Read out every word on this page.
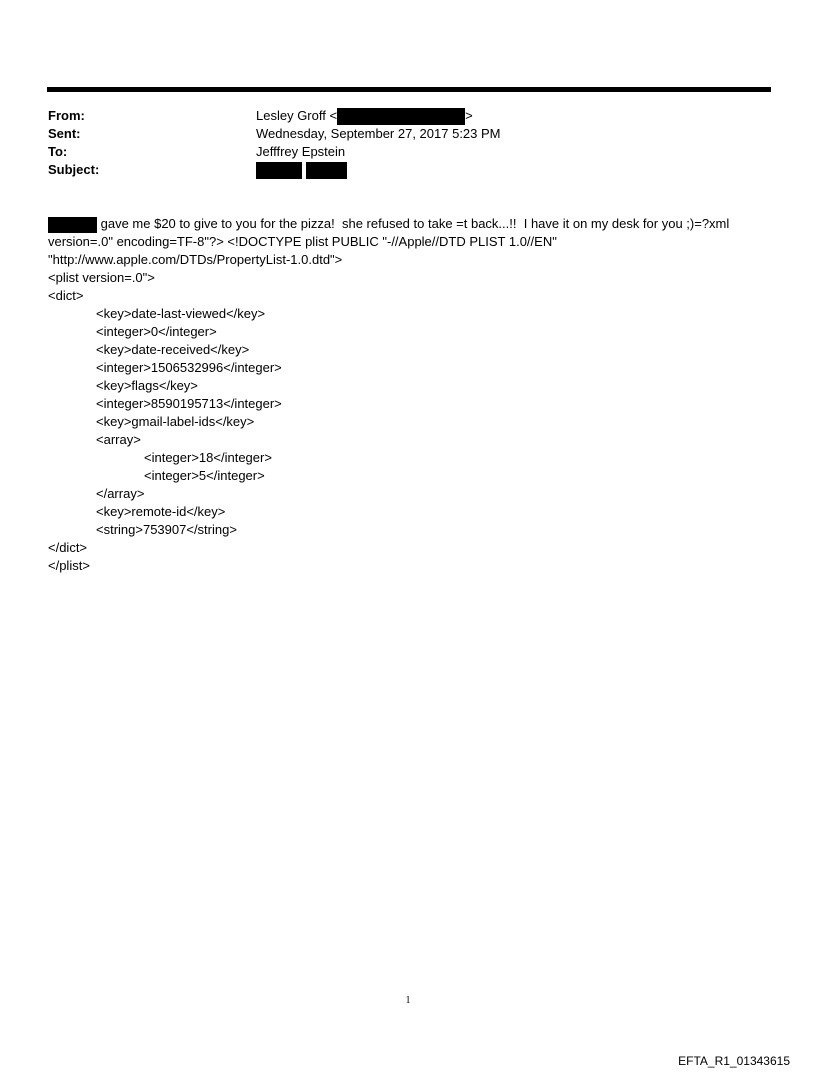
From:	Lesley Groff <	>
Sent:	Wednesday, September 27, 2017 5:23 PM
To:	Jefffrey Epstein
Subject:
gave me $20 to give to you for the pizza!  she refused to take =t back...!!  I have it on my desk for you ;)=?xml
version=.0" encoding=TF-8"?> <!DOCTYPE plist PUBLIC "-//Apple//DTD PLIST 1.0//EN"
"http://www.apple.com/DTDs/PropertyList-1.0.dtd">
<plist version=.0">
<dict>
<key>date-last-viewed</key>
<integer>0</integer>
<key>date-received</key>
<integer>1506532996</integer>
<key>flags</key>
<integer>8590195713</integer>
<key>gmail-label-ids</key>
<array>
<integer>18</integer>
<integer>5</integer>
</array>
<key>remote-id</key>
<string>753907</string>
</dict>
</plist>
1
EFTA_R1_01343615
